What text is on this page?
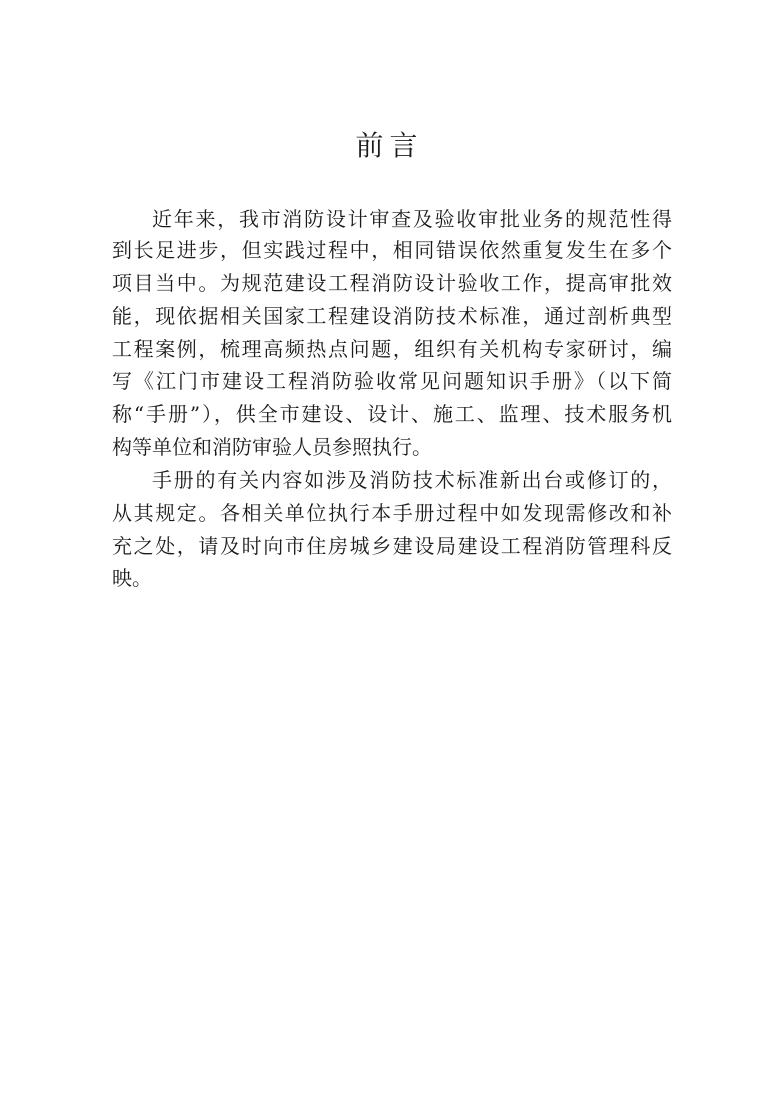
前言
近年来，我市消防设计审查及验收审批业务的规范性得
到长足进步，但实践过程中，相同错误依然重复发生在多个
项目当中。为规范建设工程消防设计验收工作，提高审批效
能，现依据相关国家工程建设消防技术标准，通过剖析典型
工程案例，梳理高频热点问题，组织有关机构专家研讨，编
写《江门市建设工程消防验收常见问题知识手册》（以下简
称“手册”），供全市建设、设计、施工、监理、技术服务机
构等单位和消防审验人员参照执行。
手册的有关内容如涉及消防技术标准新出台或修订的，
从其规定。各相关单位执行本手册过程中如发现需修改和补
充之处，请及时向市住房城乡建设局建设工程消防管理科反
映。
